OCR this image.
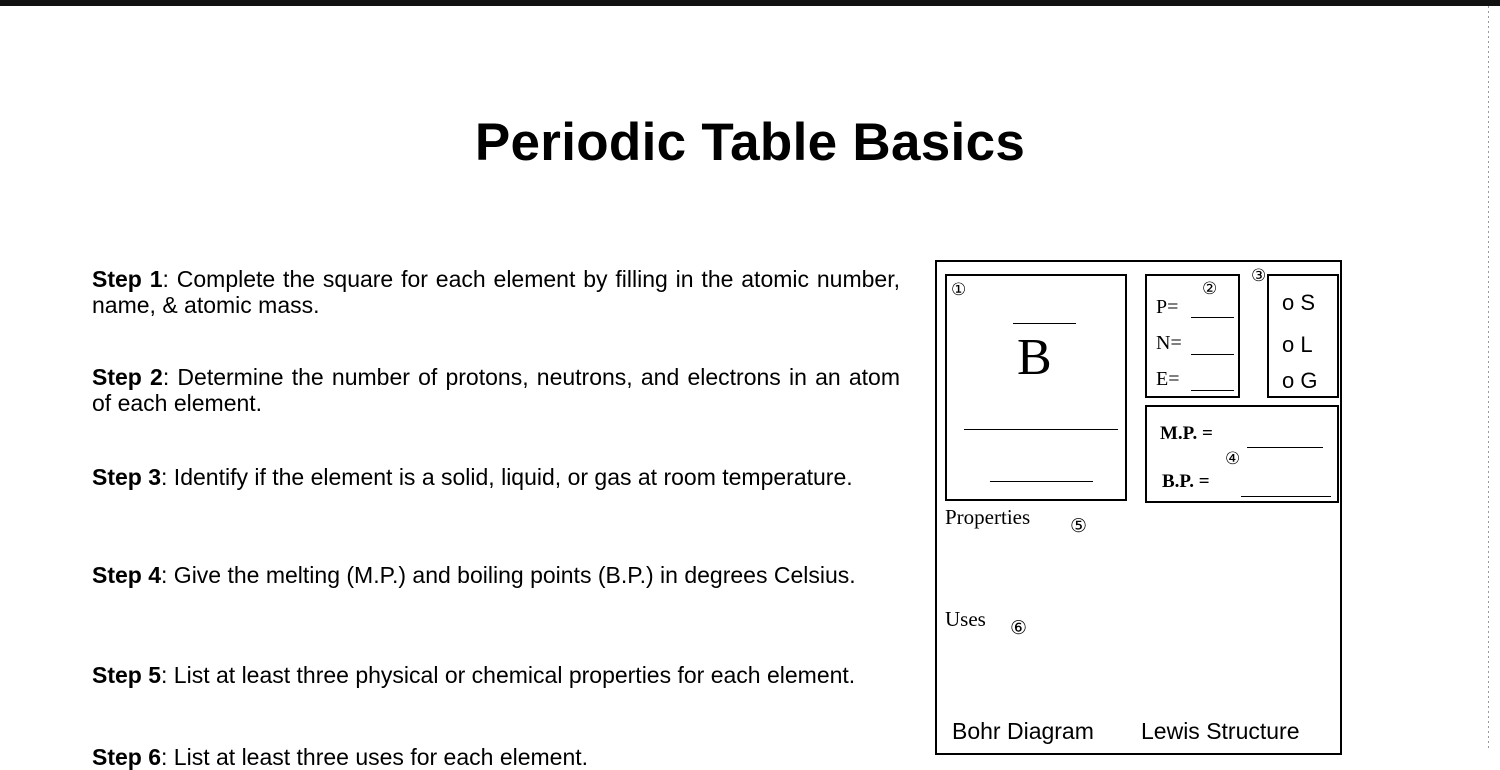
Periodic Table Basics
Step 1: Complete the square for each element by filling in the atomic number, name, & atomic mass.
Step 2: Determine the number of protons, neutrons, and electrons in an atom of each element.
Step 3: Identify if the element is a solid, liquid, or gas at room temperature.
Step 4: Give the melting (M.P.) and boiling points (B.P.) in degrees Celsius.
Step 5: List at least three physical or chemical properties for each element.
Step 6: List at least three uses for each element.
①
B
P=
②
N=
E=
③
o S
o L
o G
M.P. =
④
B.P. =
Properties ⑤
Uses ⑥
Bohr Diagram Lewis Structure
